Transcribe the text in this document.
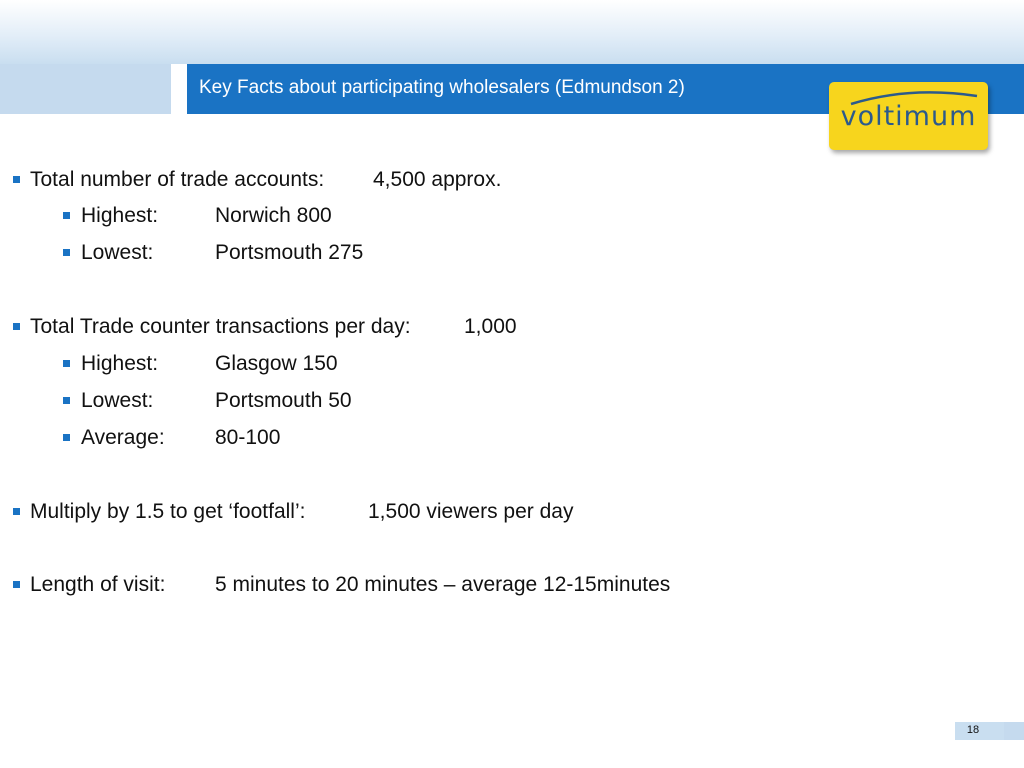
Key Facts about participating wholesalers (Edmundson 2)
voltimum
Total number of trade accounts: 4,500 approx.
Highest:	Norwich 800
Lowest:	Portsmouth 275
Total Trade counter transactions per day:	1,000
Highest:	Glasgow 150
Lowest:	Portsmouth 50
Average: 80-100
Multiply by 1.5 to get ‘footfall’:	1,500 viewers per day
Length of visit: 5 minutes to 20 minutes – average 12-15minutes
18
